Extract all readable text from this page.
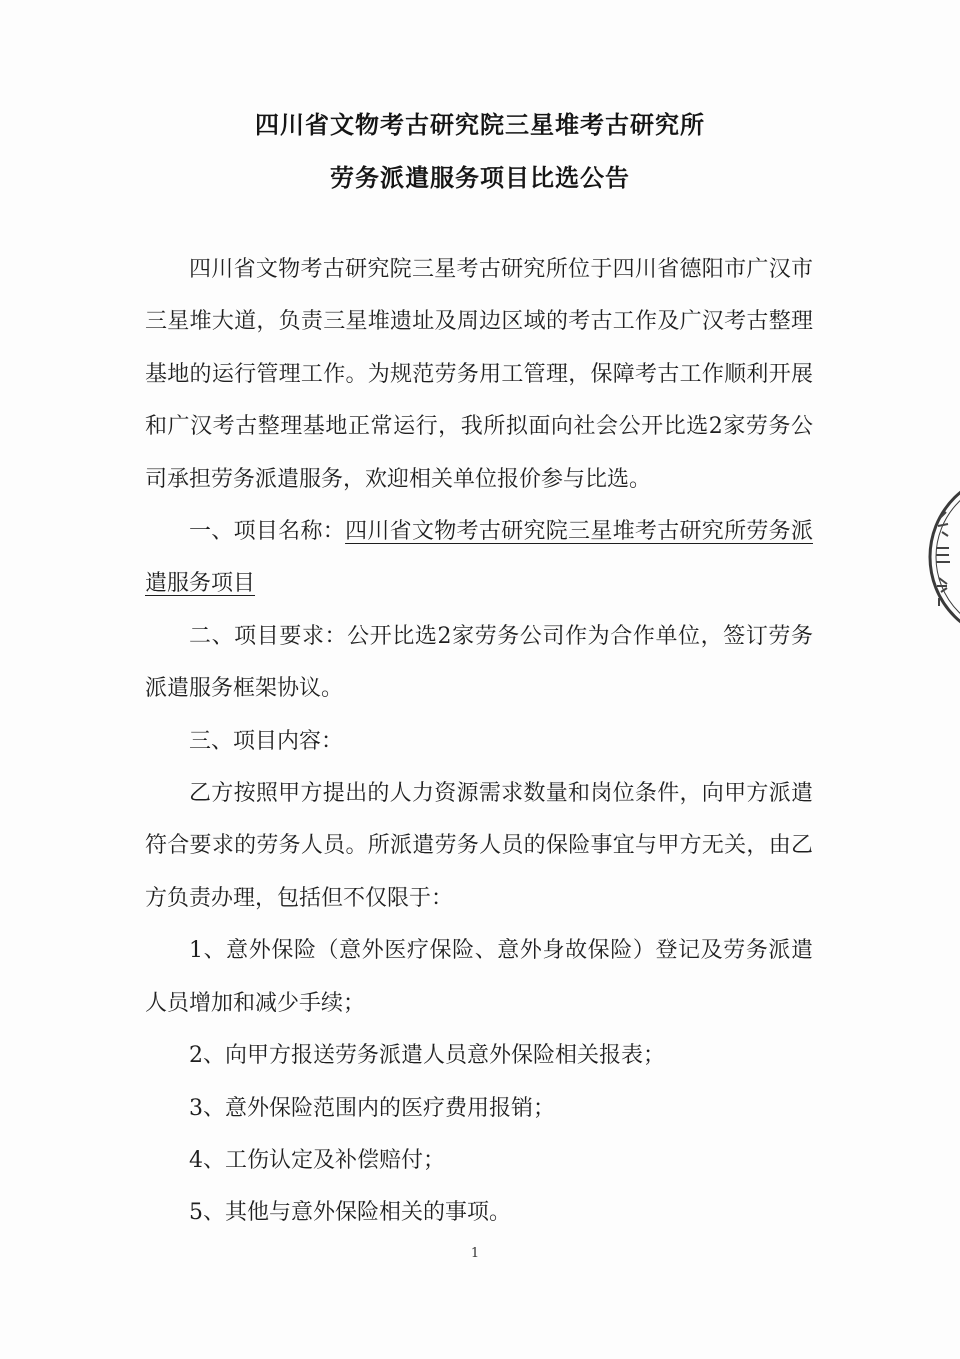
四川省文物考古研究院三星堆考古研究所
劳务派遣服务项目比选公告

四川省文物考古研究院三星考古研究所位于四川省德阳市广汉市三星堆大道，负责三星堆遗址及周边区域的考古工作及广汉考古整理基地的运行管理工作。为规范劳务用工管理，保障考古工作顺利开展和广汉考古整理基地正常运行，我所拟面向社会公开比选2家劳务公司承担劳务派遣服务，欢迎相关单位报价参与比选。

一、项目名称：四川省文物考古研究院三星堆考古研究所劳务派遣服务项目

二、项目要求：公开比选2家劳务公司作为合作单位，签订劳务派遣服务框架协议。

三、项目内容：

乙方按照甲方提出的人力资源需求数量和岗位条件，向甲方派遣符合要求的劳务人员。所派遣劳务人员的保险事宜与甲方无关，由乙方负责办理，包括但不仅限于：

1、意外保险（意外医疗保险、意外身故保险）登记及劳务派遣人员增加和减少手续；

2、向甲方报送劳务派遣人员意外保险相关报表；

3、意外保险范围内的医疗费用报销；

4、工伤认定及补偿赔付；

5、其他与意外保险相关的事项。

1
